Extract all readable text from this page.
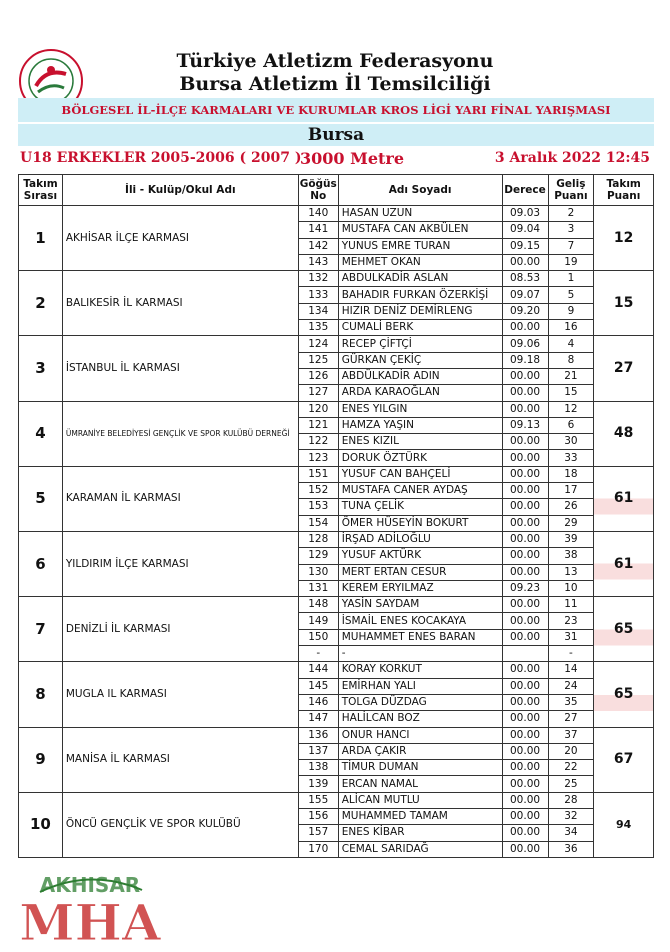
Türkiye Atletizm Federasyonu
Bursa Atletizm İl Temsilciliği
BÖLGESEL İL-İLÇE KARMALARI VE KURUMLAR KROS LİGİ YARI FİNAL YARIŞMASI
Bursa
U18 ERKEKLER 2005-2006 ( 2007 )
3000 Metre	3 Aralık 2022 12:45
Takım Sırası	İli - Kulüp/Okul Adı	Göğüs No	Adı Soyadı	Derece	Geliş Puanı	Takım Puanı
1	AKHİSAR İLÇE KARMASI	140	HASAN UZUN	09.03	2	12
		141	MUSTAFA CAN AKBÜLEN	09.04	3	
		142	YUNUS EMRE TURAN	09.15	7	
		143	MEHMET OKAN	00.00	19	
2	BALIKESİR İL KARMASI	132	ABDULKADİR ASLAN	08.53	1	15
		133	BAHADIR FURKAN ÖZERKİŞİ	09.07	5	
		134	HIZIR DENİZ DEMİRLENG	09.20	9	
		135	CUMALİ BERK	00.00	16	
3	İSTANBUL İL KARMASI	124	RECEP ÇİFTÇİ	09.06	4	27
		125	GÜRKAN ÇEKİÇ	09.18	8	
		126	ABDÜLKADİR ADIN	00.00	21	
		127	ARDA KARAOĞLAN	00.00	15	
4	ÜMRANİYE BELEDİYESİ GENÇLİK VE SPOR KULÜBÜ DERNEĞİ	120	ENES YILGIN	00.00	12	48
		121	HAMZA YAŞIN	09.13	6	
		122	ENES KIZIL	00.00	30	
		123	DORUK ÖZTÜRK	00.00	33	
5	KARAMAN İL KARMASI	151	YUSUF CAN BAHÇELİ	00.00	18	61
		152	MUSTAFA CANER AYDAŞ	00.00	17	
		153	TUNA ÇELİK	00.00	26	
		154	ÖMER HÜSEYİN BOKURT	00.00	29	
6	YILDIRIM İLÇE KARMASI	128	İRŞAD ADİLOĞLU	00.00	39	61
		129	YUSUF AKTÜRK	00.00	38	
		130	MERT ERTAN CESUR	00.00	13	
		131	KEREM ERYILMAZ	09.23	10	
7	DENİZLİ İL KARMASI	148	YASİN SAYDAM	00.00	11	65
		149	İSMAİL ENES KOCAKAYA	00.00	23	
		150	MUHAMMET ENES BARAN	00.00	31	
		-	-		-	
8	MUGLA IL KARMASI	144	KORAY KORKUT	00.00	14	65
		145	EMİRHAN YALI	00.00	24	
		146	TOLGA DÜZDAG	00.00	35	
		147	HALİLCAN BOZ	00.00	27	
9	MANİSA İL KARMASI	136	ONUR HANCI	00.00	37	67
		137	ARDA ÇAKIR	00.00	20	
		138	TİMUR DUMAN	00.00	22	
		139	ERCAN NAMAL	00.00	25	
10	ÖNCÜ GENÇLİK VE SPOR KULÜBÜ	155	ALİCAN MUTLU	00.00	28	94
		156	MUHAMMED TAMAM	00.00	32	
		157	ENES KİBAR	00.00	34	
		170	CEMAL SARIDAĞ	00.00	36	
AKHISAR
MHA
